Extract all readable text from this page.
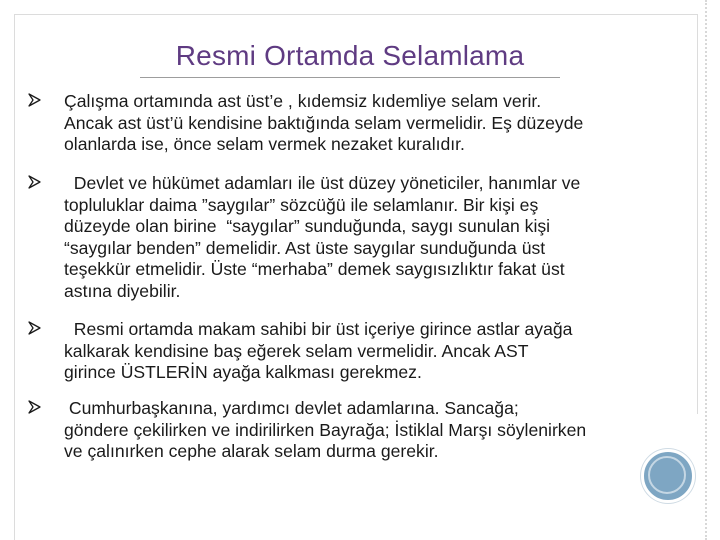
Resmi Ortamda Selamlama
Çalışma ortamında ast üst’e , kıdemsiz kıdemliye selam verir.
Ancak ast üst’ü kendisine baktığında selam vermelidir. Eş düzeyde
olanlarda ise, önce selam vermek nezaket kuralıdır.
Devlet ve hükümet adamları ile üst düzey yöneticiler, hanımlar ve
topluluklar daima ”saygılar” sözcüğü ile selamlanır. Bir kişi eş
düzeyde olan birine  “saygılar” sunduğunda, saygı sunulan kişi
“saygılar benden” demelidir. Ast üste saygılar sunduğunda üst
teşekkür etmelidir. Üste “merhaba” demek saygısızlıktır fakat üst
astına diyebilir.
Resmi ortamda makam sahibi bir üst içeriye girince astlar ayağa
kalkarak kendisine baş eğerek selam vermelidir. Ancak AST
girince ÜSTLERİN ayağa kalkması gerekmez.
Cumhurbaşkanına, yardımcı devlet adamlarına. Sancağa;
göndere çekilirken ve indirilirken Bayrağa; İstiklal Marşı söylenirken
ve çalınırken cephe alarak selam durma gerekir.
